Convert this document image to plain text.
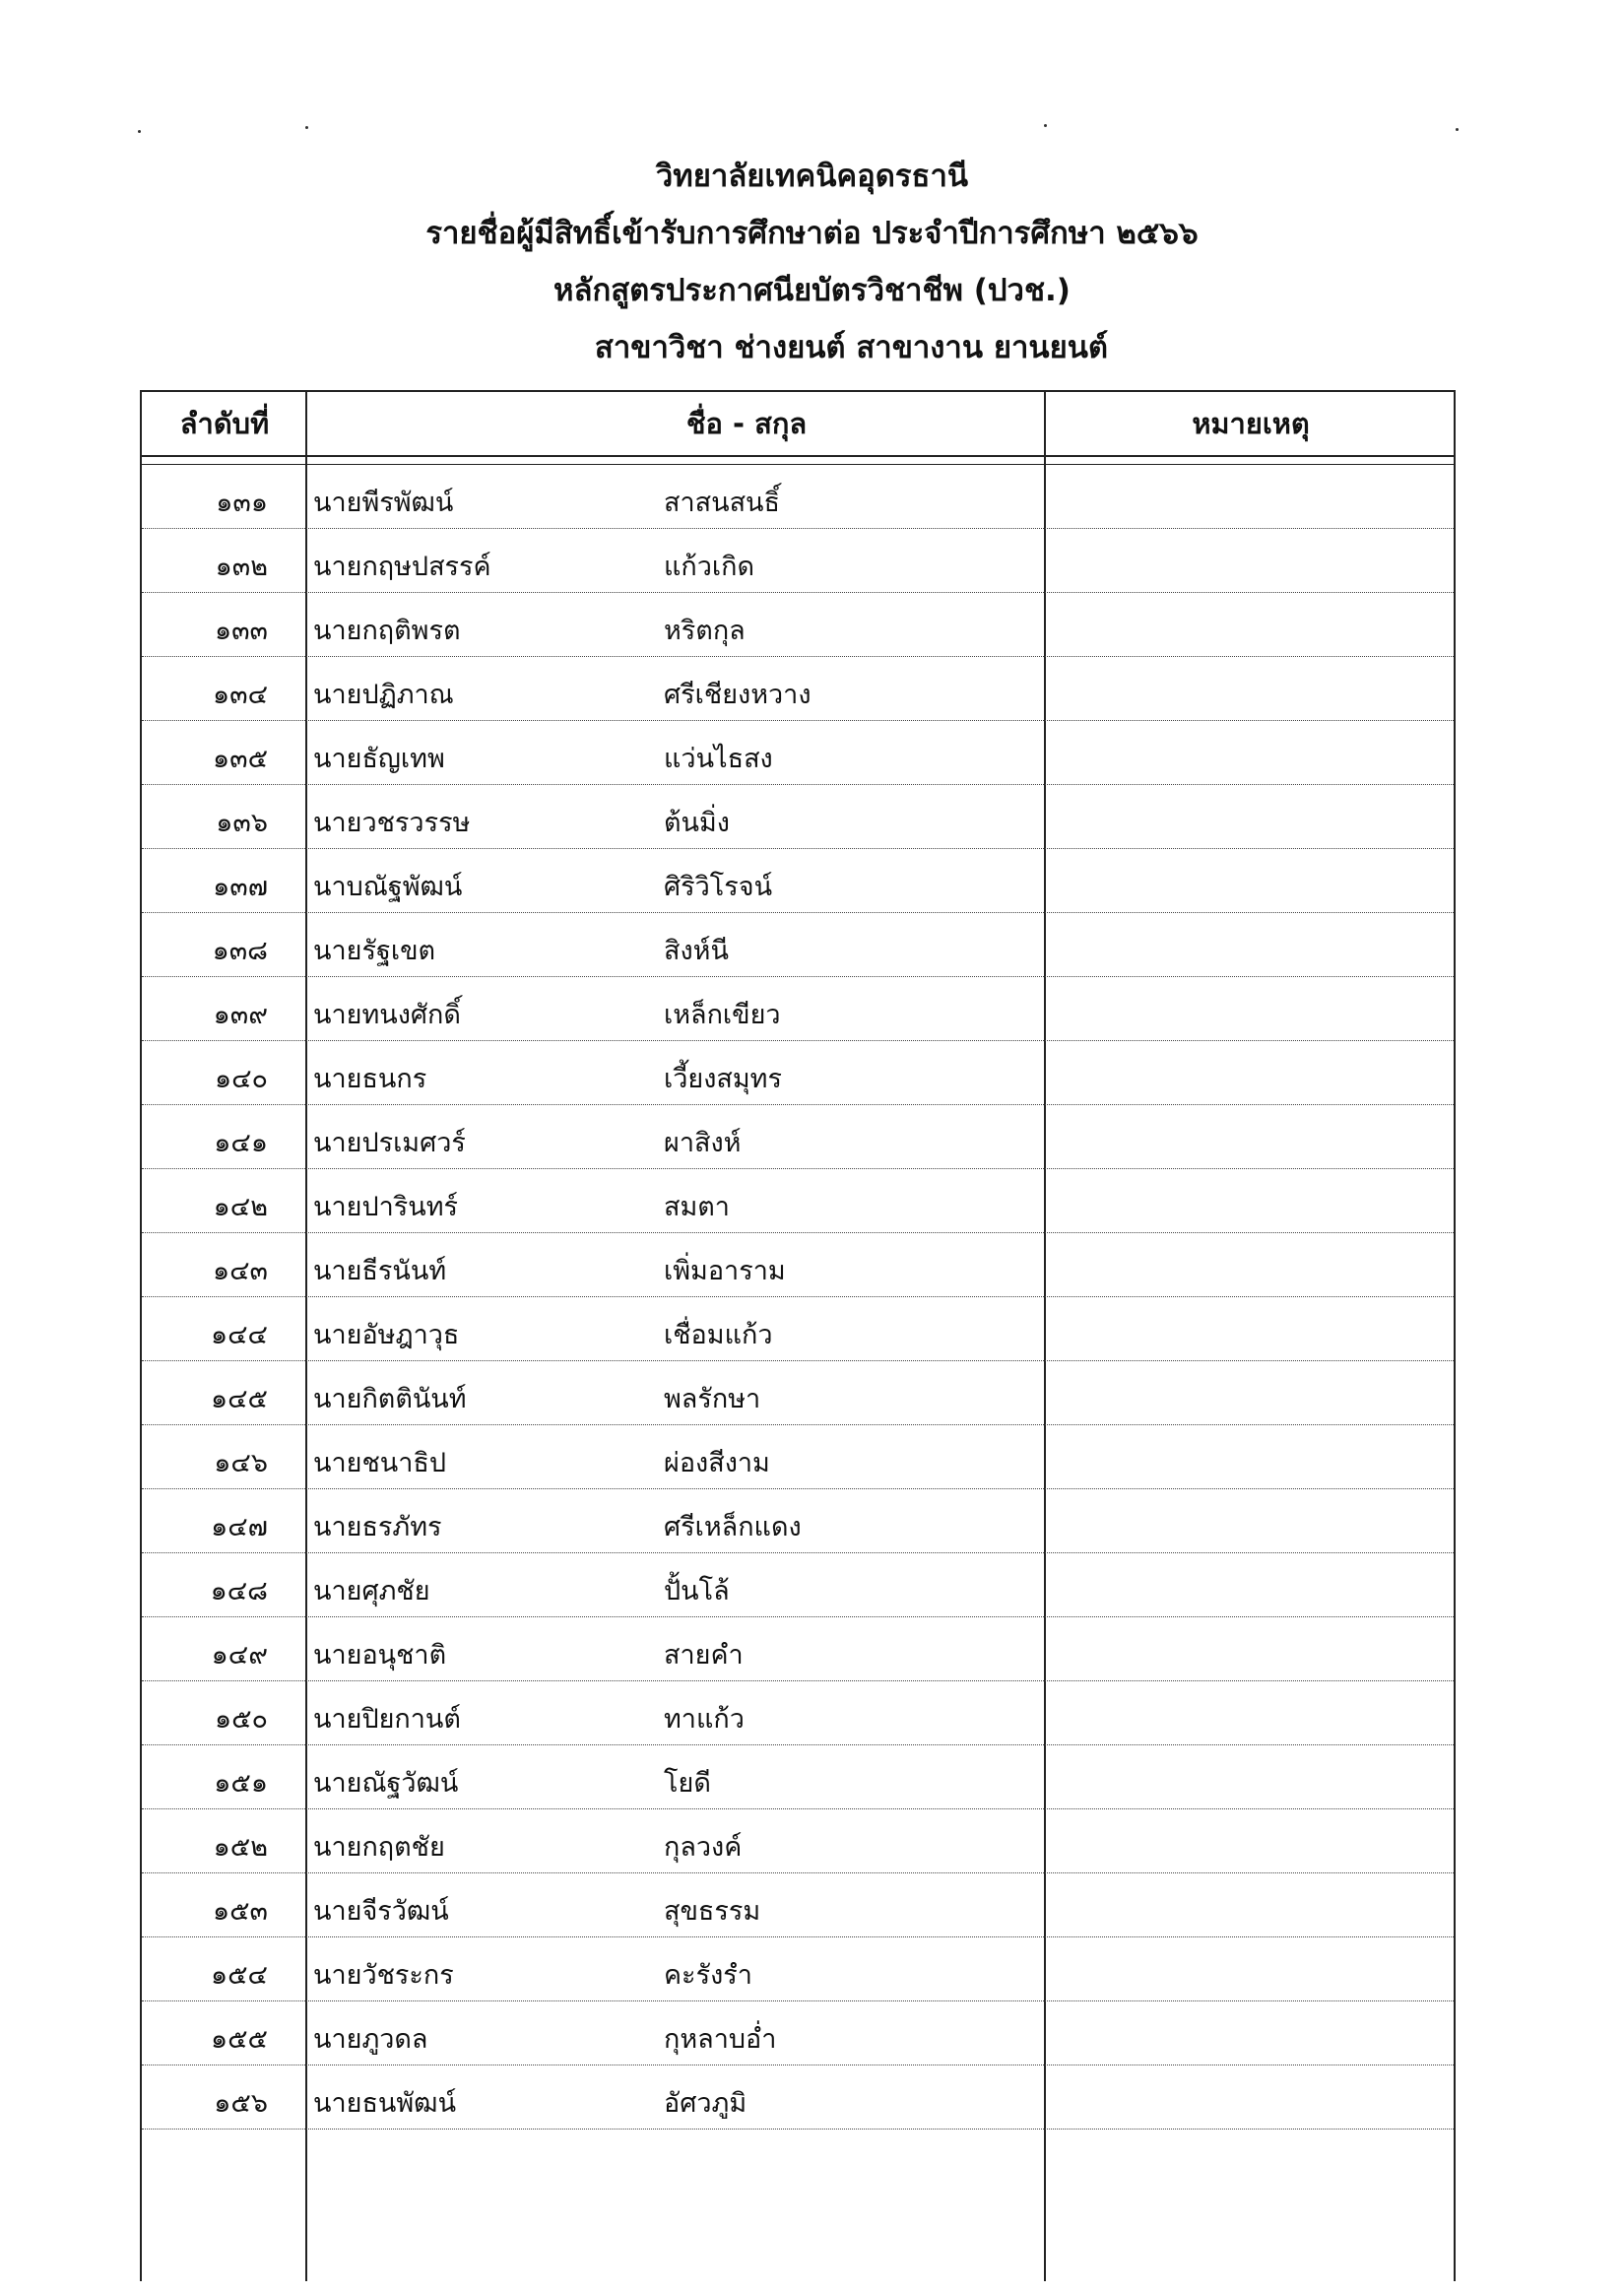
วิทยาลัยเทคนิคอุดรธานี
รายชื่อผู้มีสิทธิ์เข้ารับการศึกษาต่อ ประจำปีการศึกษา ๒๕๖๖
หลักสูตรประกาศนียบัตรวิชาชีพ (ปวช.)
สาขาวิชา ช่างยนต์ สาขางาน ยานยนต์
ลำดับที่	ชื่อ - สกุล	หมายเหตุ
๑๓๑ นายพีรพัฒน์	สาสนสนธิ์
๑๓๒ นายกฤษปสรรค์	แก้วเกิด
๑๓๓ นายกฤติพรต	หริตกุล
๑๓๔ นายปฏิภาณ	ศรีเชียงหวาง
๑๓๕ นายธัญเทพ	แว่นไธสง
๑๓๖ นายวชรวรรษ	ต้นมิ่ง
๑๓๗ นาบณัฐพัฒน์	ศิริวิโรจน์
๑๓๘ นายรัฐเขต	สิงห์นี
๑๓๙ นายทนงศักดิ์	เหล็กเขียว
๑๔๐ นายธนกร	เวี้ยงสมุทร
๑๔๑ นายปรเมศวร์	ผาสิงห์
๑๔๒ นายปารินทร์	สมตา
๑๔๓ นายธีรนันท์	เพิ่มอาราม
๑๔๔ นายอัษฎาวุธ	เชื่อมแก้ว
๑๔๕ นายกิตตินันท์	พลรักษา
๑๔๖ นายชนาธิป	ผ่องสีงาม
๑๔๗ นายธรภัทร	ศรีเหล็กแดง
๑๔๘ นายศุภชัย	ปั้นโล้
๑๔๙ นายอนุชาติ	สายคำ
๑๕๐ นายปิยกานต์	ทาแก้ว
๑๕๑ นายณัฐวัฒน์	โยดี
๑๕๒ นายกฤตชัย	กุลวงค์
๑๕๓ นายจีรวัฒน์	สุขธรรม
๑๕๔ นายวัชระกร	คะรังรำ
๑๕๕ นายภูวดล	กุหลาบอ่ำ
๑๕๖ นายธนพัฒน์	อัศวภูมิ
